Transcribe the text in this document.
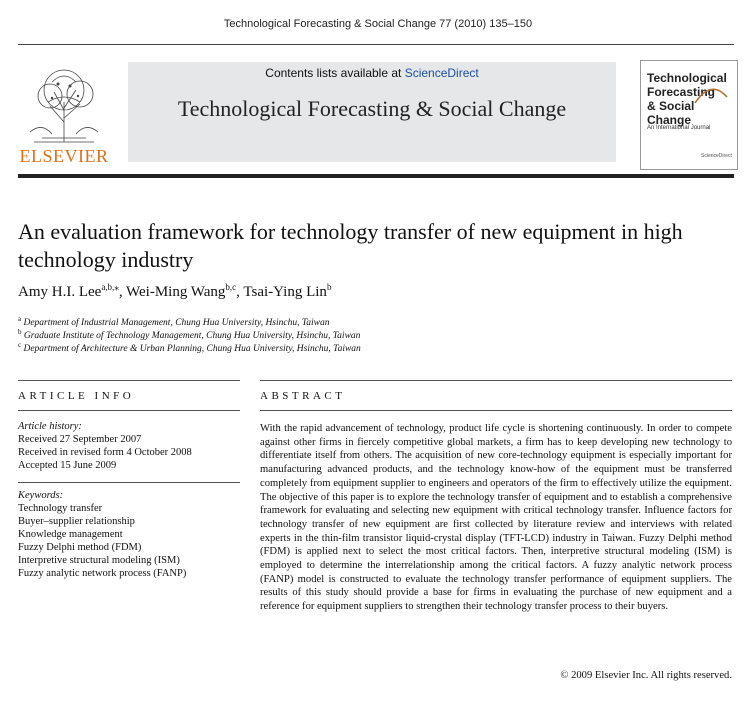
Technological Forecasting & Social Change 77 (2010) 135–150
ELSEVIER
Contents lists available at ScienceDirect
Technological Forecasting & Social Change
Technological
Forecasting
& Social Change
An International Journal
ScienceDirect
An evaluation framework for technology transfer of new equipment in high technology industry
Amy H.I. Lee$^{a,b,⁎}$, Wei-Ming Wang$^{b,c}$, Tsai-Ying Lin$^b$
$^a$ Department of Industrial Management, Chung Hua University, Hsinchu, Taiwan
$^b$ Graduate Institute of Technology Management, Chung Hua University, Hsinchu, Taiwan
$^c$ Department of Architecture & Urban Planning, Chung Hua University, Hsinchu, Taiwan
ARTICLE INFO	ABSTRACT
Article history:
Received 27 September 2007
Received in revised form 4 October 2008
Accepted 15 June 2009
Keywords:
Technology transfer
Buyer–supplier relationship
Knowledge management
Fuzzy Delphi method (FDM)
Interpretive structural modeling (ISM)
Fuzzy analytic network process (FANP)
With the rapid advancement of technology, product life cycle is shortening continuously. In order to compete against other firms in fiercely competitive global markets, a firm has to keep developing new technology to differentiate itself from others. The acquisition of new core-technology equipment is especially important for manufacturing advanced products, and the technology know-how of the equipment must be transferred completely from equipment supplier to engineers and operators of the firm to effectively utilize the equipment. The objective of this paper is to explore the technology transfer of equipment and to establish a comprehensive framework for evaluating and selecting new equipment with critical technology transfer. Influence factors for technology transfer of new equipment are first collected by literature review and interviews with related experts in the thin-film transistor liquid-crystal display (TFT-LCD) industry in Taiwan. Fuzzy Delphi method (FDM) is applied next to select the most critical factors. Then, interpretive structural modeling (ISM) is employed to determine the interrelationship among the critical factors. A fuzzy analytic network process (FANP) model is constructed to evaluate the technology transfer performance of equipment suppliers. The results of this study should provide a base for firms in evaluating the purchase of new equipment and a reference for equipment suppliers to strengthen their technology transfer process to their buyers.
© 2009 Elsevier Inc. All rights reserved.
